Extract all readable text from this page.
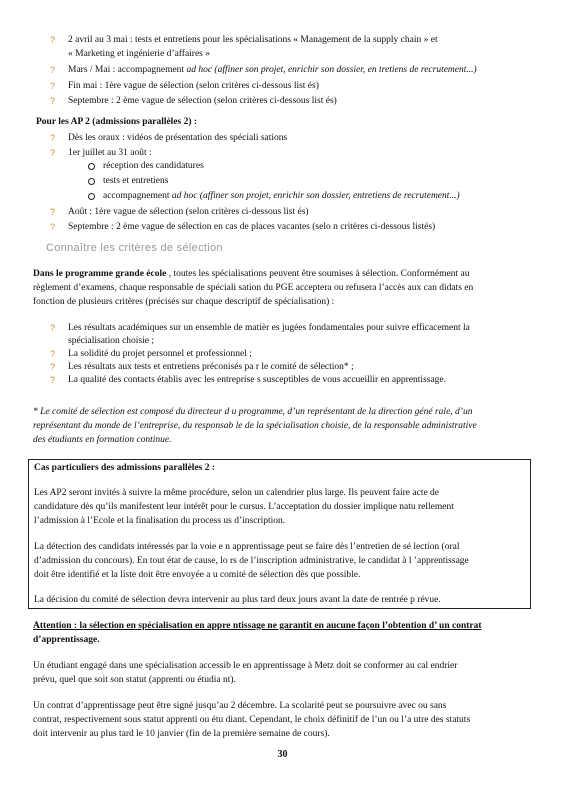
? 2 avril au 3 mai : tests et entretiens pour les spécialisations « Management de la supply chain » et
« Marketing et ingénierie d’affaires »
? Mars / Mai : accompagnement ad hoc (affiner son projet, enrichir son dossier, en tretiens de recrutement...)
? Fin mai : 1ère vague de sélection (selon critères ci-dessous list és)
? Septembre : 2 ème vague de sélection (selon critères ci-dessous list és)
Pour les AP 2 (admissions parallèles 2) :
? Dès les oraux : vidéos de présentation des spéciali sations
? 1er juillet au 31 août :
réception des candidatures
tests et entretiens
accompagnement ad hoc (affiner son projet, enrichir son dossier, entretiens de recrutement...)
? Août : 1ère vague de sélection (selon critères ci-dessous list és)
? Septembre : 2 ème vague de sélection en cas de places vacantes (selo n critères ci-dessous listés)
Connaître les critères de sélection
Dans le programme grande école , toutes les spécialisations peuvent être soumises à sélection. Conformément au
règlement d’examens, chaque responsable de spéciali sation du PGE acceptera ou refusera l’accès aux can didats en
fonction de plusieurs critères (précisés sur chaque descriptif de spécialisation) :
? Les résultats académiques sur un ensemble de matièr es jugées fondamentales pour suivre efficacement la
spécialisation choisie ;
? La solidité du projet personnel et professionnel ;
? Les résultats aux tests et entretiens préconisés pa r le comité de sélection* ;
? La qualité des contacts établis avec les entreprise s susceptibles de vous accueillir en apprentissage.
* Le comité de sélection est composé du directeur d u programme, d’un représentant de la direction géné rale, d’un
représentant du monde de l’entreprise, du responsab le de la spécialisation choisie, de la responsable administrative
des étudiants en formation continue.
Cas particuliers des admissions parallèles 2 :
Les AP2 seront invités à suivre la même procédure, selon un calendrier plus large. Ils peuvent faire acte de
candidature dès qu’ils manifestent leur intérêt pour le cursus. L’acceptation du dossier implique natu rellement
l’admission à l’Ecole et la finalisation du process us d’inscription.
La détection des candidats intéressés par la voie e n apprentissage peut se faire dès l’entretien de sé lection (oral
d’admission du concours). En tout état de cause, lo rs de l’inscription administrative, le candidat à l ’apprentissage
doit être identifié et la liste doit être envoyée a u comité de sélection dès que possible.
La décision du comité de sélection devra intervenir au plus tard deux jours avant la date de rentrée p révue.
Attention : la sélection en spécialisation en appre ntissage ne garantit en aucune façon l’obtention d’ un contrat
d’apprentissage.
Un étudiant engagé dans une spécialisation accessib le en apprentissage à Metz doit se conformer au cal endrier
prévu, quel que soit son statut (apprenti ou étudia nt).
Un contrat d’apprentissage peut être signé jusqu’au 2 décembre. La scolarité peut se poursuivre avec ou sans
contrat, respectivement sous statut apprenti ou étu diant. Cependant, le choix définitif de l’un ou l’a utre des statuts
doit intervenir au plus tard le 10 janvier (fin de la première semaine de cours).
30
